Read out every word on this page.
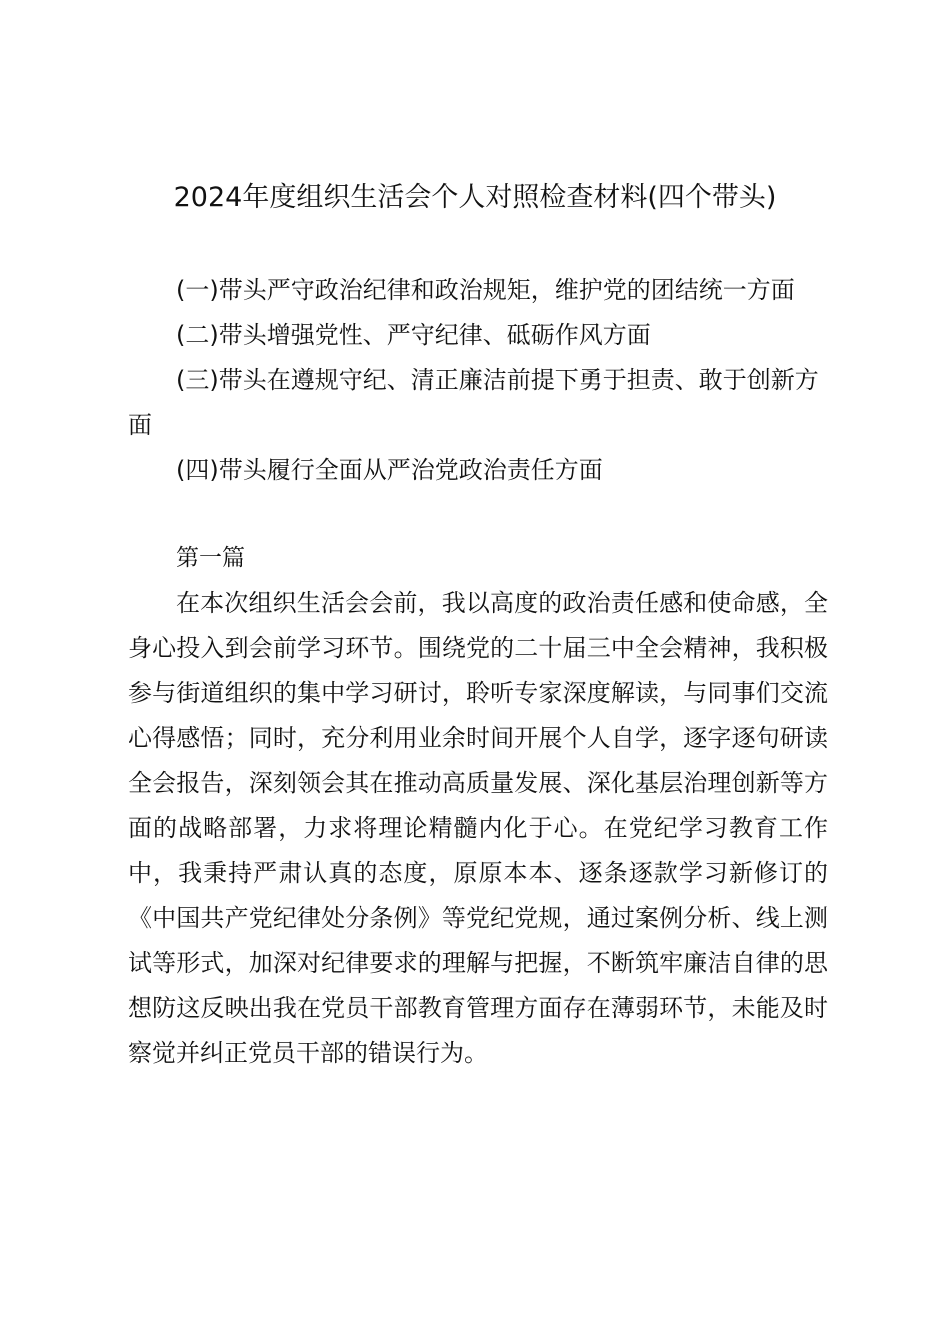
2024年度组织生活会个人对照检查材料(四个带头)
(一)带头严守政治纪律和政治规矩，维护党的团结统一方面
(二)带头增强党性、严守纪律、砥砺作风方面
(三)带头在遵规守纪、清正廉洁前提下勇于担责、敢于创新方面
(四)带头履行全面从严治党政治责任方面
第一篇
在本次组织生活会会前，我以高度的政治责任感和使命感，全身心投入到会前学习环节。围绕党的二十届三中全会精神，我积极参与街道组织的集中学习研讨，聆听专家深度解读，与同事们交流心得感悟；同时，充分利用业余时间开展个人自学，逐字逐句研读全会报告，深刻领会其在推动高质量发展、深化基层治理创新等方面的战略部署，力求将理论精髓内化于心。在党纪学习教育工作中，我秉持严肃认真的态度，原原本本、逐条逐款学习新修订的《中国共产党纪律处分条例》等党纪党规，通过案例分析、线上测试等形式，加深对纪律要求的理解与把握，不断筑牢廉洁自律的思想防这反映出我在党员干部教育管理方面存在薄弱环节，未能及时察觉并纠正党员干部的错误行为。
